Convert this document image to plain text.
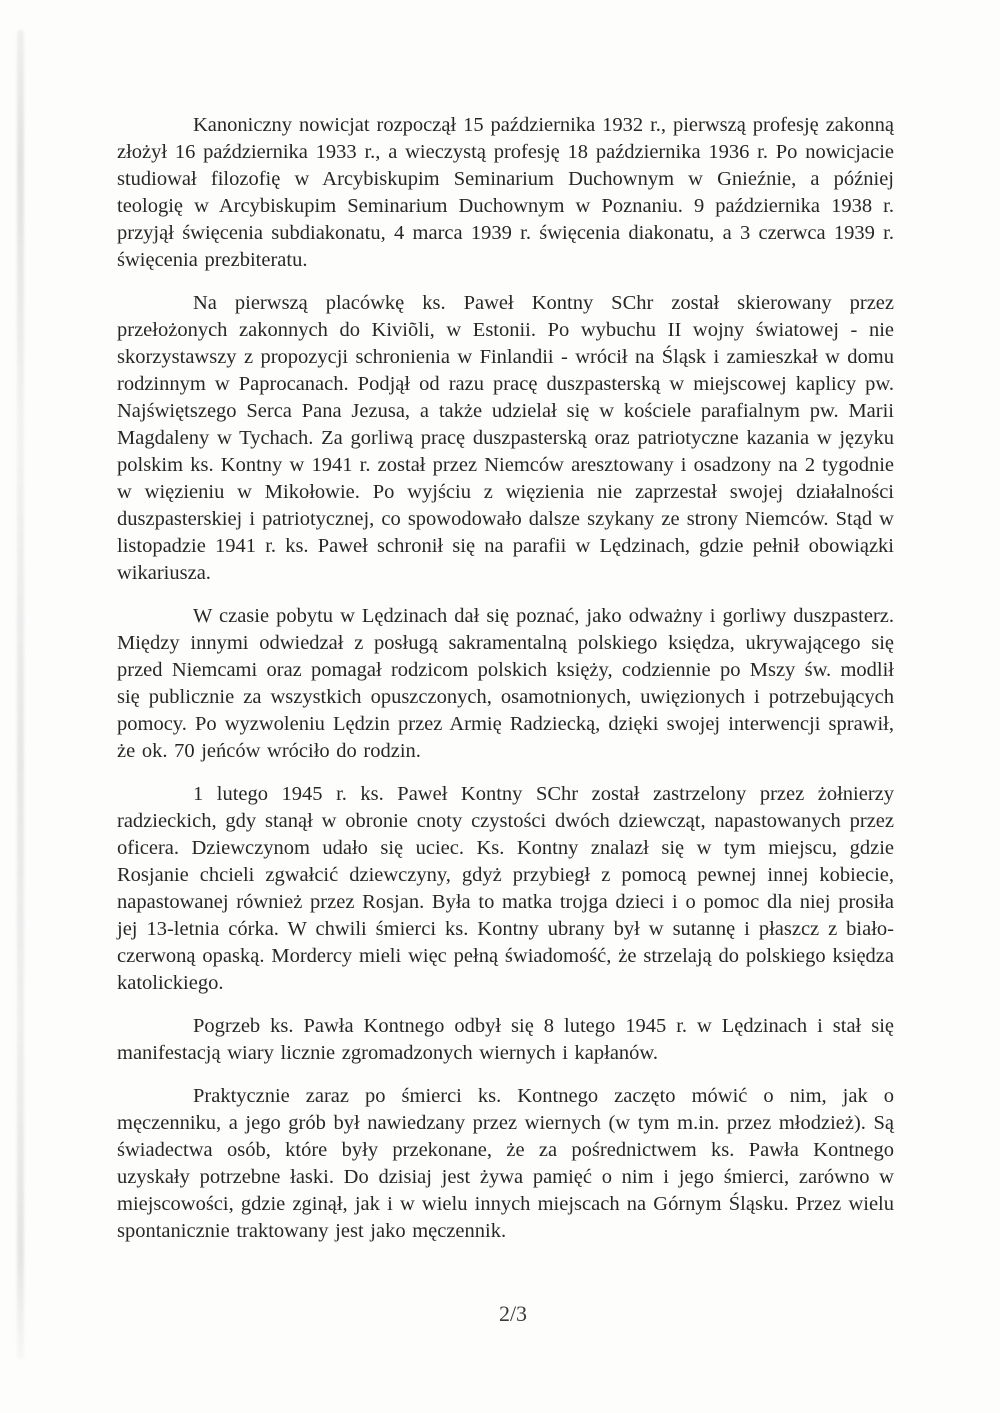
Kanoniczny nowicjat rozpoczął 15 października 1932 r., pierwszą profesję zakonną złożył 16 października 1933 r., a wieczystą profesję 18 października 1936 r. Po nowicjacie studiował filozofię w Arcybiskupim Seminarium Duchownym w Gnieźnie, a później teologię w Arcybiskupim Seminarium Duchownym w Poznaniu. 9 października 1938 r. przyjął święcenia subdiakonatu, 4 marca 1939 r. święcenia diakonatu, a 3 czerwca 1939 r. święcenia prezbiteratu.

Na pierwszą placówkę ks. Paweł Kontny SChr został skierowany przez przełożonych zakonnych do Kiviõli, w Estonii. Po wybuchu II wojny światowej - nie skorzystawszy z propozycji schronienia w Finlandii - wrócił na Śląsk i zamieszkał w domu rodzinnym w Paprocanach. Podjął od razu pracę duszpasterską w miejscowej kaplicy pw. Najświętszego Serca Pana Jezusa, a także udzielał się w kościele parafialnym pw. Marii Magdaleny w Tychach. Za gorliwą pracę duszpasterską oraz patriotyczne kazania w języku polskim ks. Kontny w 1941 r. został przez Niemców aresztowany i osadzony na 2 tygodnie w więzieniu w Mikołowie. Po wyjściu z więzienia nie zaprzestał swojej działalności duszpasterskiej i patriotycznej, co spowodowało dalsze szykany ze strony Niemców. Stąd w listopadzie 1941 r. ks. Paweł schronił się na parafii w Lędzinach, gdzie pełnił obowiązki wikariusza.

W czasie pobytu w Lędzinach dał się poznać, jako odważny i gorliwy duszpasterz. Między innymi odwiedzał z posługą sakramentalną polskiego księdza, ukrywającego się przed Niemcami oraz pomagał rodzicom polskich księży, codziennie po Mszy św. modlił się publicznie za wszystkich opuszczonych, osamotnionych, uwięzionych i potrzebujących pomocy. Po wyzwoleniu Lędzin przez Armię Radziecką, dzięki swojej interwencji sprawił, że ok. 70 jeńców wróciło do rodzin.

1 lutego 1945 r. ks. Paweł Kontny SChr został zastrzelony przez żołnierzy radzieckich, gdy stanął w obronie cnoty czystości dwóch dziewcząt, napastowanych przez oficera. Dziewczynom udało się uciec. Ks. Kontny znalazł się w tym miejscu, gdzie Rosjanie chcieli zgwałcić dziewczyny, gdyż przybiegł z pomocą pewnej innej kobiecie, napastowanej również przez Rosjan. Była to matka trojga dzieci i o pomoc dla niej prosiła jej 13-letnia córka. W chwili śmierci ks. Kontny ubrany był w sutannę i płaszcz z biało-czerwoną opaską. Mordercy mieli więc pełną świadomość, że strzelają do polskiego księdza katolickiego.

Pogrzeb ks. Pawła Kontnego odbył się 8 lutego 1945 r. w Lędzinach i stał się manifestacją wiary licznie zgromadzonych wiernych i kapłanów.

Praktycznie zaraz po śmierci ks. Kontnego zaczęto mówić o nim, jak o męczenniku, a jego grób był nawiedzany przez wiernych (w tym m.in. przez młodzież). Są świadectwa osób, które były przekonane, że za pośrednictwem ks. Pawła Kontnego uzyskały potrzebne łaski. Do dzisiaj jest żywa pamięć o nim i jego śmierci, zarówno w miejscowości, gdzie zginął, jak i w wielu innych miejscach na Górnym Śląsku. Przez wielu spontanicznie traktowany jest jako męczennik.

2/3
